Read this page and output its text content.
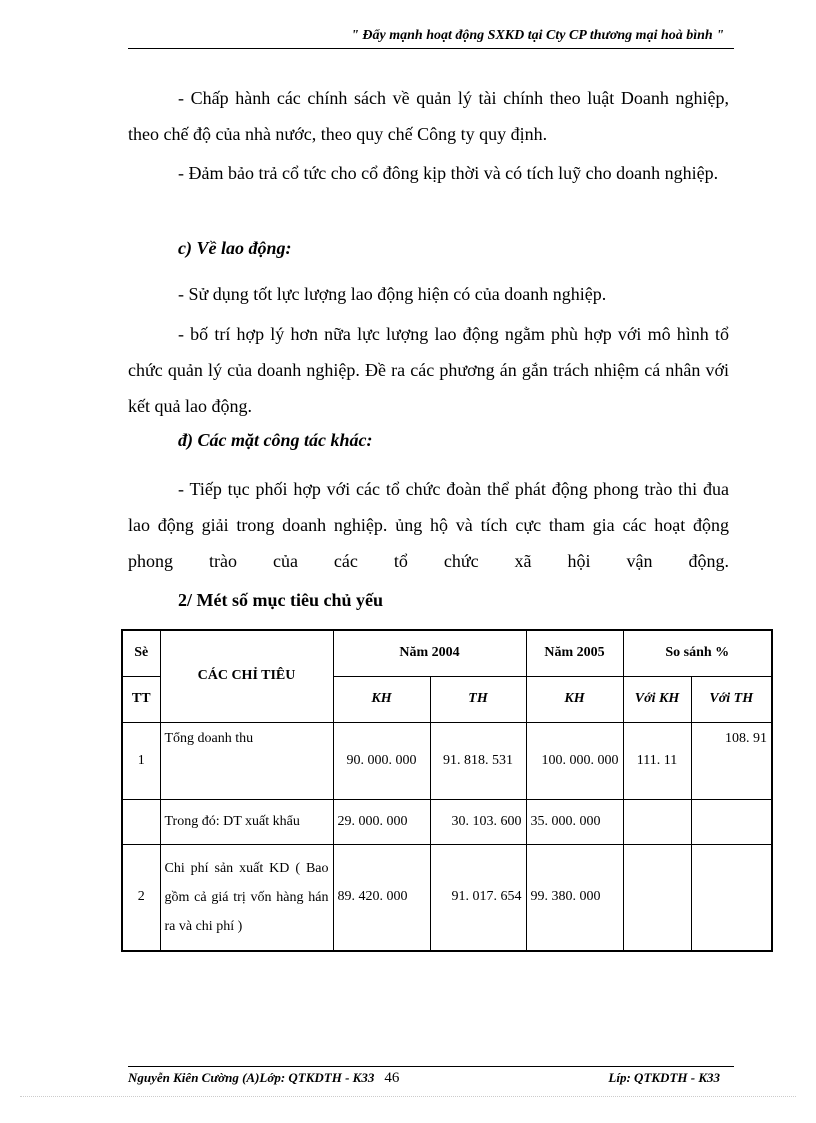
" Đẩy mạnh hoạt động SXKD tại Cty CP thương mại hoà bình "

- Chấp hành các chính sách về quản lý tài chính theo luật Doanh nghiệp, theo chế độ của nhà nước, theo quy chế Công ty quy định.

- Đảm bảo trả cổ tức cho cổ đông kịp thời và có tích luỹ cho doanh nghiệp.

c) Về lao động:

- Sử dụng tốt lực lượng lao động hiện có của doanh nghiệp.

- bố trí hợp lý hơn nữa lực lượng lao động ngằm phù hợp với mô hình tổ chức quản lý của doanh nghiệp. Đề ra các phương án gắn trách nhiệm cá nhân với kết quả lao động.

đ) Các mặt công tác khác:

- Tiếp tục phối hợp với các tổ chức đoàn thể phát động phong trào thi đua lao động giải trong doanh nghiệp. ủng hộ và tích cực tham gia các hoạt động phong trào của các tổ chức xã hội vận động.

2/ Mét số mục tiêu chủ yếu

Sè	CÁC CHỈ TIÊU	Năm 2004		Năm 2005	So sánh %	
TT		KH	TH	KH	Với KH	Với TH
1	Tổng doanh thu	90. 000. 000	91. 818. 531	100. 000. 000	111. 11	108. 91
	Trong đó: DT xuất khẩu	29. 000. 000	30. 103. 600	35. 000. 000		
2	Chi phí sản xuất KD ( Bao gồm cả giá trị vốn hàng hán ra và chi phí )	89. 420. 000	91. 017. 654	99. 380. 000		
Nguyễn Kiên Cường (A)Lớp: QTKDTH - K33 46	Líp: QTKDTH - K33
